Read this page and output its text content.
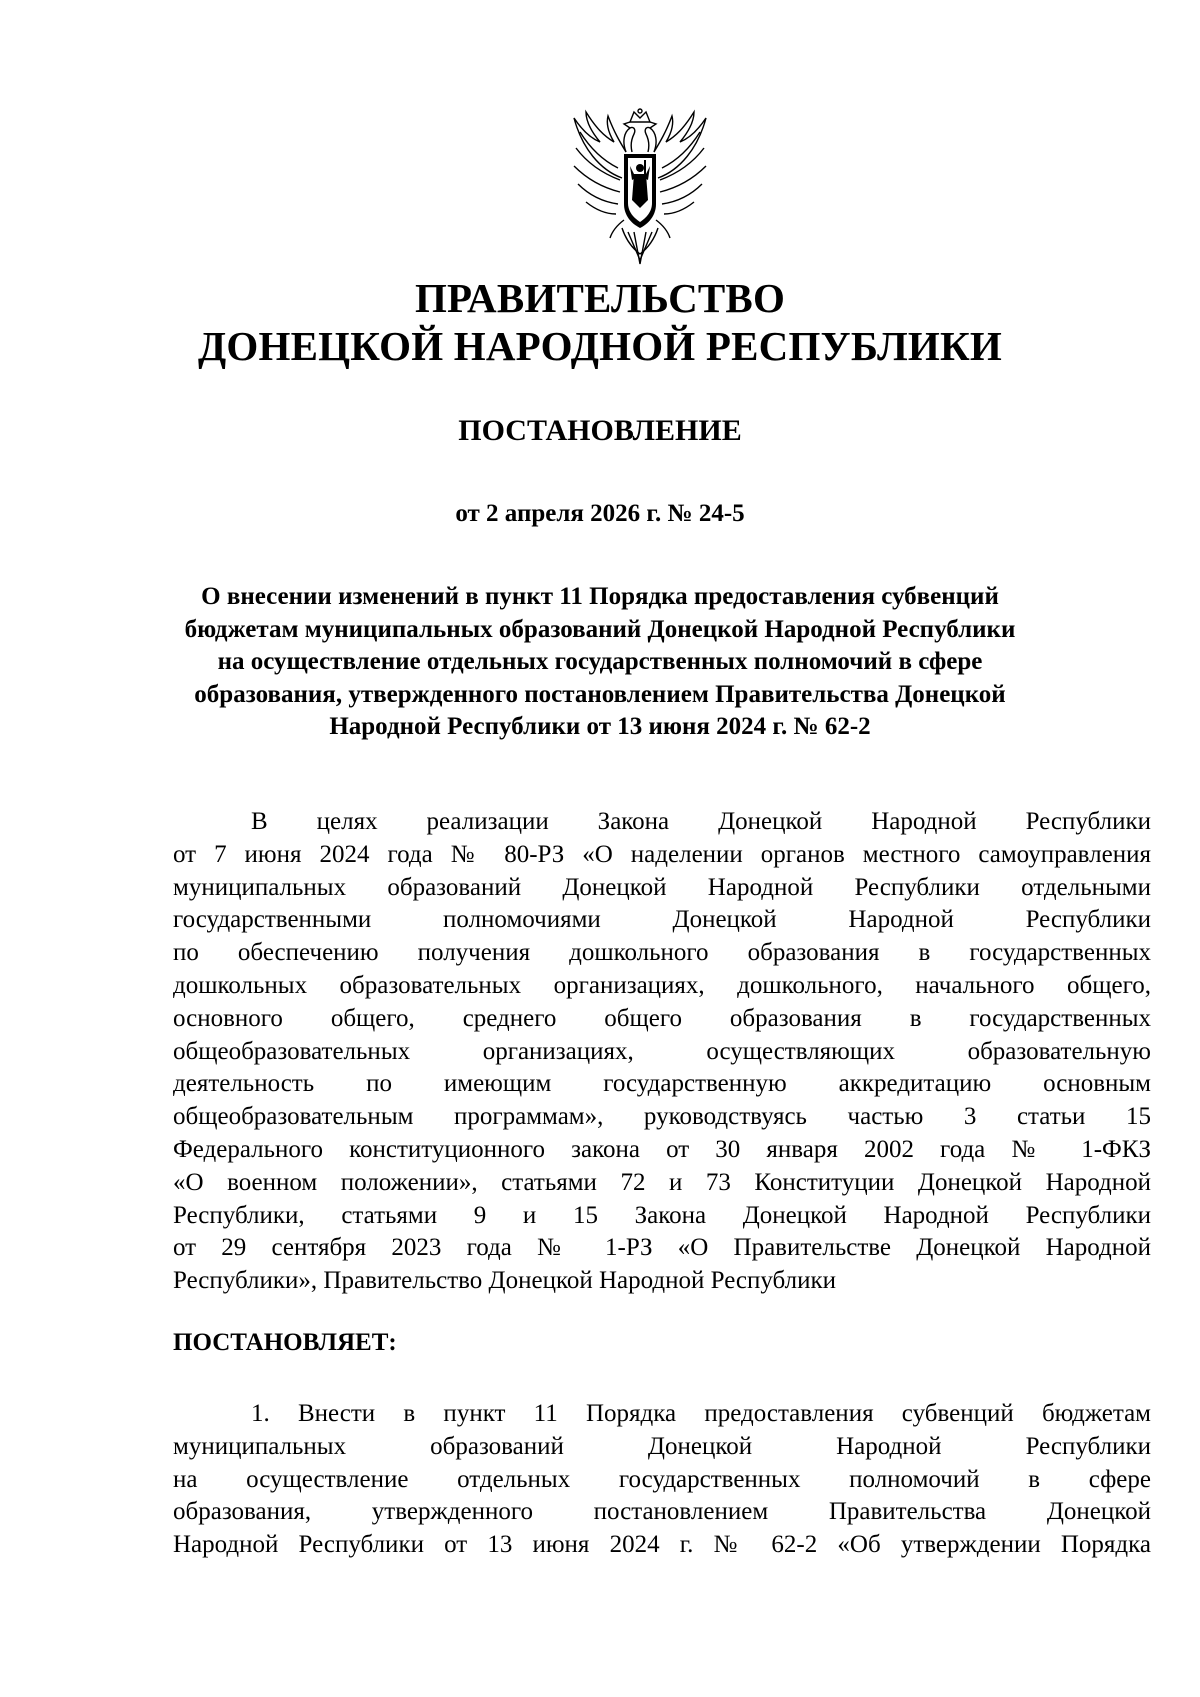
ПРАВИТЕЛЬСТВО
ДОНЕЦКОЙ НАРОДНОЙ РЕСПУБЛИКИ
ПОСТАНОВЛЕНИЕ
от 2 апреля 2026 г. № 24-5
О внесении изменений в пункт 11 Порядка предоставления субвенций
бюджетам муниципальных образований Донецкой Народной Республики
на осуществление отдельных государственных полномочий в сфере
образования, утвержденного постановлением Правительства Донецкой
Народной Республики от 13 июня 2024 г. № 62-2
В целях реализации Закона Донецкой Народной Республики
от 7 июня 2024 года № 80-РЗ «О наделении органов местного самоуправления
муниципальных образований Донецкой Народной Республики отдельными
государственными полномочиями Донецкой Народной Республики
по обеспечению получения дошкольного образования в государственных
дошкольных образовательных организациях, дошкольного, начального общего,
основного общего, среднего общего образования в государственных
общеобразовательных организациях, осуществляющих образовательную
деятельность по имеющим государственную аккредитацию основным
общеобразовательным программам», руководствуясь частью 3 статьи 15
Федерального конституционного закона от 30 января 2002 года № 1-ФКЗ
«О военном положении», статьями 72 и 73 Конституции Донецкой Народной
Республики, статьями 9 и 15 Закона Донецкой Народной Республики
от 29 сентября 2023 года № 1-РЗ «О Правительстве Донецкой Народной
Республики», Правительство Донецкой Народной Республики
ПОСТАНОВЛЯЕТ:
1. Внести в пункт 11 Порядка предоставления субвенций бюджетам
муниципальных образований Донецкой Народной Республики
на осуществление отдельных государственных полномочий в сфере
образования, утвержденного постановлением Правительства Донецкой
Народной Республики от 13 июня 2024 г. № 62-2 «Об утверждении Порядка
